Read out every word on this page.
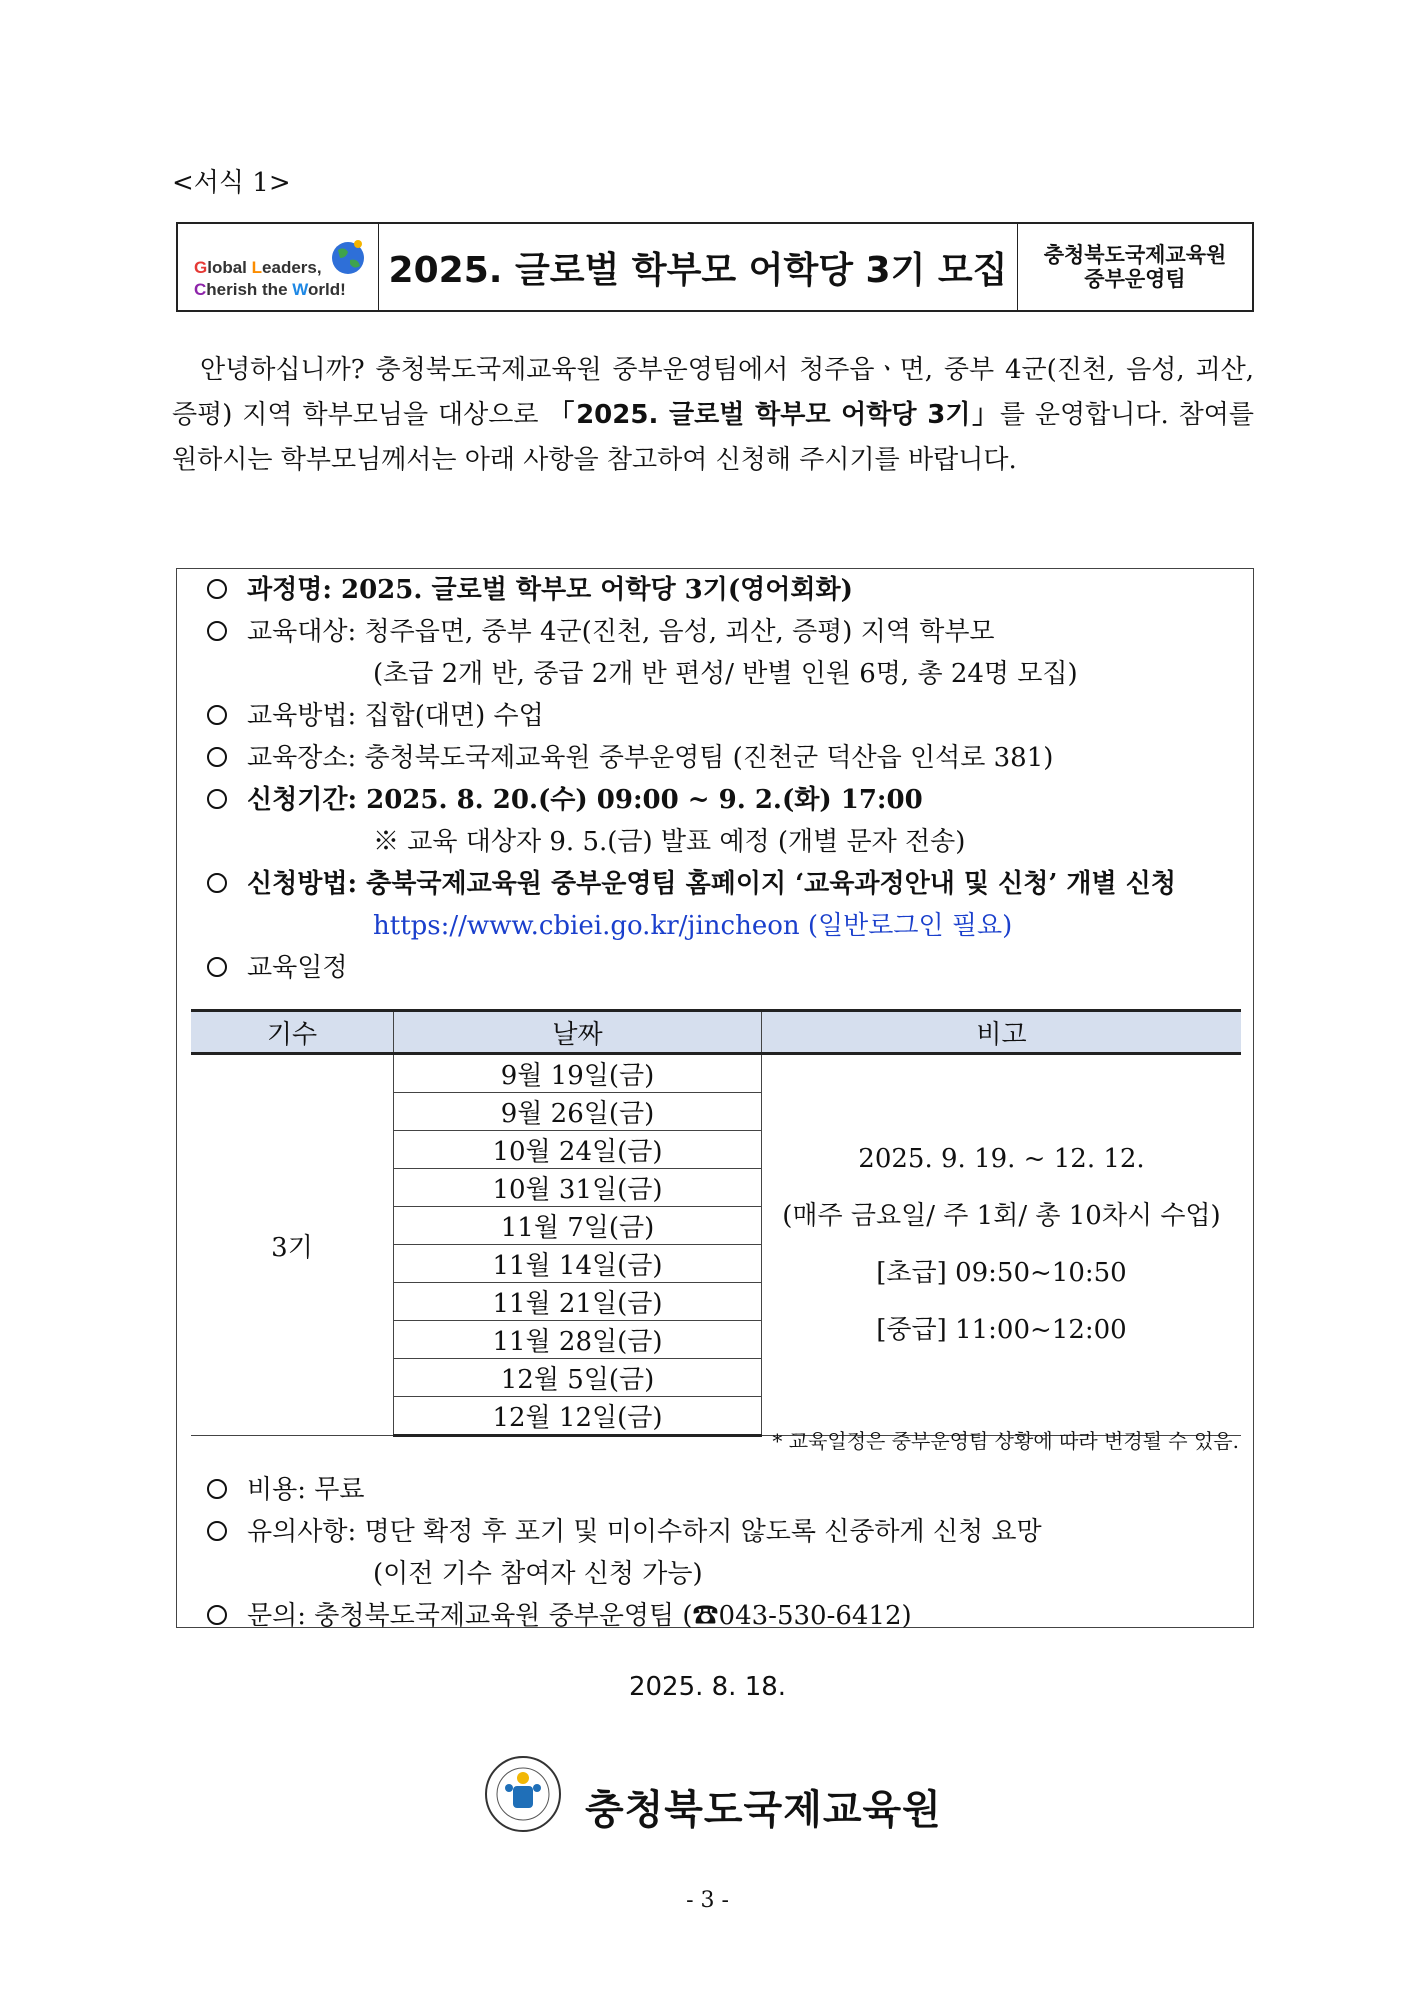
<서식 1>
Global Leaders,
Cherish the World! 2025. 글로벌 학부모 어학당 3기 모집	충청북도국제교육원
중부운영팀

안녕하십니까? 충청북도국제교육원 중부운영팀에서 청주읍ㆍ면, 중부 4군(진천, 음성, 괴산, 증평) 지역 학부모님을 대상으로 「2025. 글로벌 학부모 어학당 3기」를 운영합니다. 참여를 원하시는 학부모님께서는 아래 사항을 참고하여 신청해 주시기를 바랍니다.

과정명: 2025. 글로벌 학부모 어학당 3기(영어회화)
교육대상: 청주읍면, 중부 4군(진천, 음성, 괴산, 증평) 지역 학부모
(초급 2개 반, 중급 2개 반 편성/ 반별 인원 6명, 총 24명 모집)
교육방법: 집합(대면) 수업
교육장소: 충청북도국제교육원 중부운영팀 (진천군 덕산읍 인석로 381)
신청기간: 2025. 8. 20.(수) 09:00 ~ 9. 2.(화) 17:00
※ 교육 대상자 9. 5.(금) 발표 예정 (개별 문자 전송)
신청방법: 충북국제교육원 중부운영팀 홈페이지 ‘교육과정안내 및 신청’ 개별 신청
https://www.cbiei.go.kr/jincheon (일반로그인 필요)
교육일정
기수	날짜	비고
3기	9월 19일(금)	2025. 9. 19. ~ 12. 12.
(매주 금요일/ 주 1회/ 총 10차시 수업)
[초급] 09:50~10:50
[중급] 11:00~12:00

	9월 26일(금)	
	10월 24일(금)	
	10월 31일(금)	
	11월 7일(금)	
	11월 14일(금)	
	11월 21일(금)	
	11월 28일(금)	
	12월 5일(금)	
	12월 12일(금)	
* 교육일정은 중부운영팀 상황에 따라 변경될 수 있음.
비용: 무료
유의사항: 명단 확정 후 포기 및 미이수하지 않도록 신중하게 신청 요망
(이전 기수 참여자 신청 가능)
문의: 충청북도국제교육원 중부운영팀 (☎043-530-6412)
2025. 8. 18.
충청북도국제교육원
- 3 -
